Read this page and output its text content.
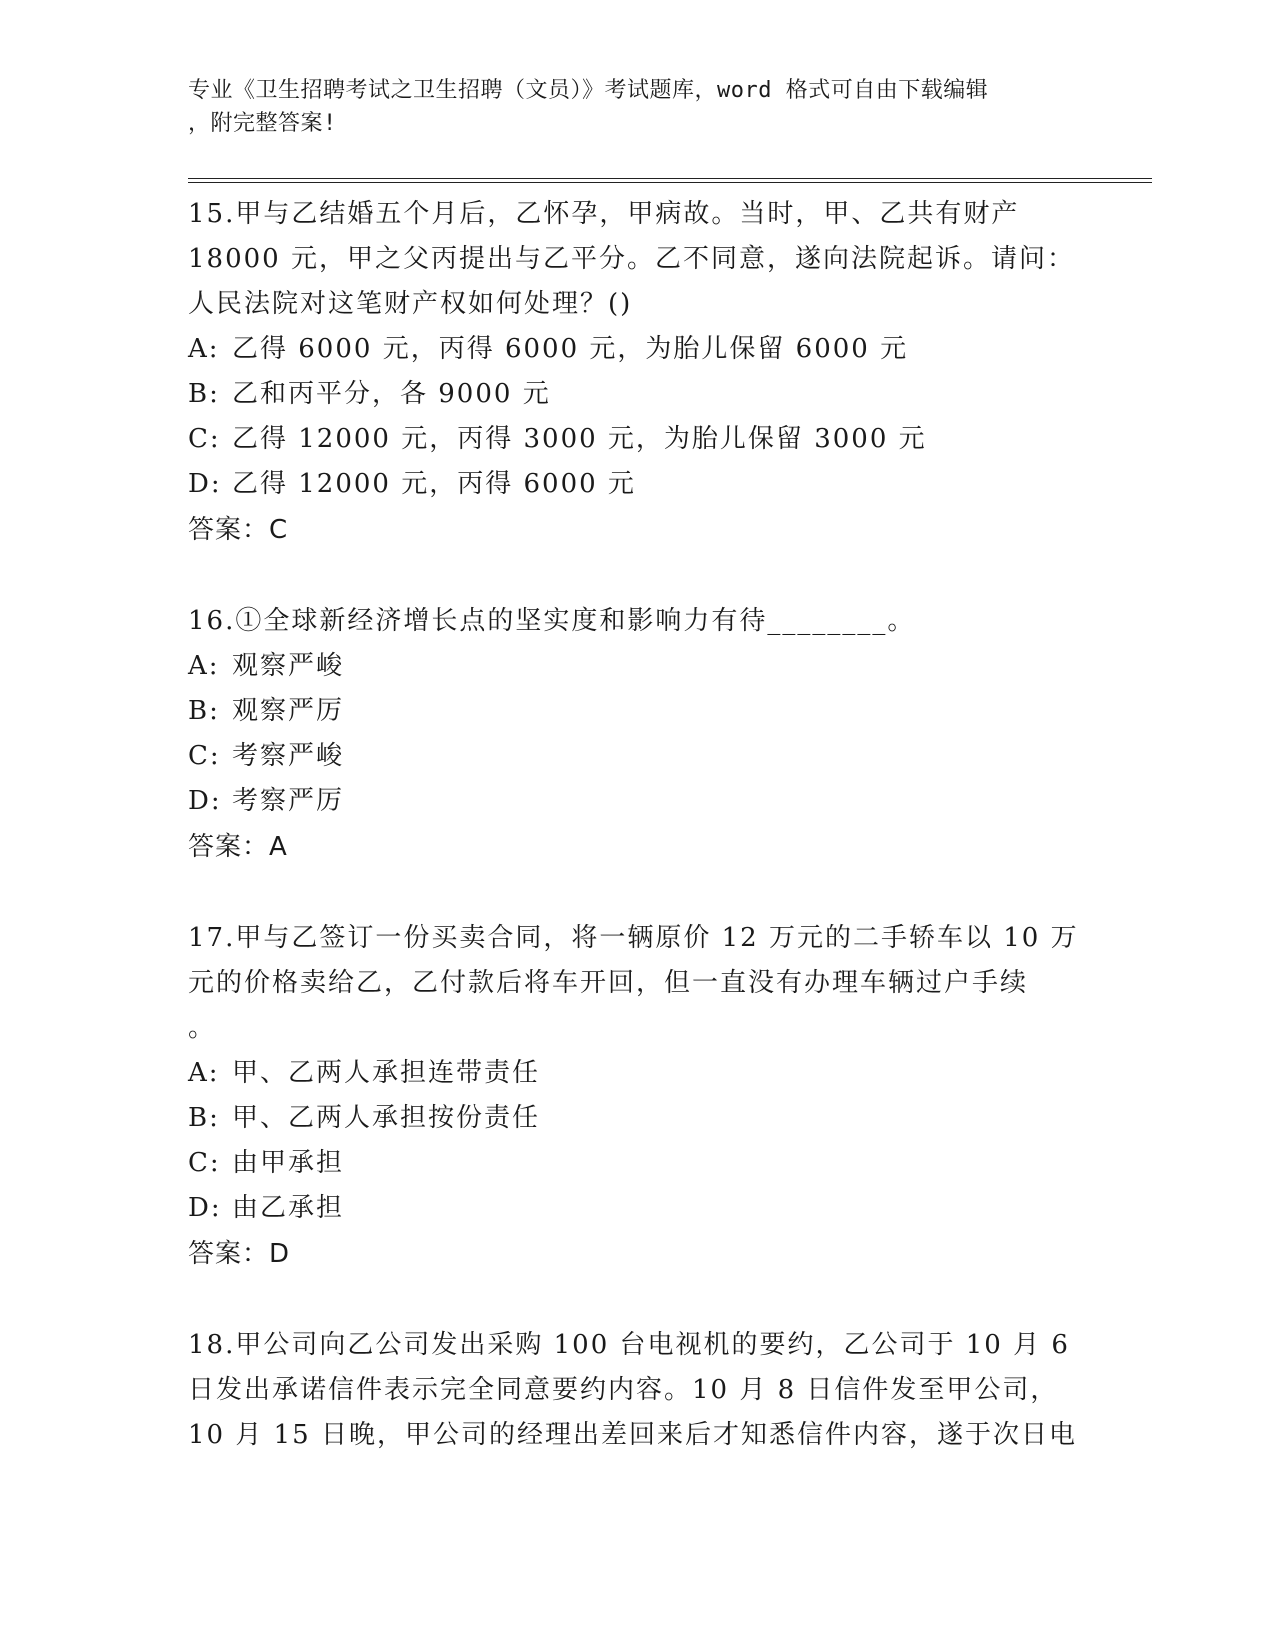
专业《卫生招聘考试之卫生招聘（文员）》考试题库，word 格式可自由下载编辑
，附完整答案!

15.甲与乙结婚五个月后，乙怀孕，甲病故。当时，甲、乙共有财产

18000 元，甲之父丙提出与乙平分。乙不同意，遂向法院起诉。请问：

人民法院对这笔财产权如何处理？()

A: 乙得 6000 元，丙得 6000 元，为胎儿保留 6000 元

B: 乙和丙平分，各 9000 元

C: 乙得 12000 元，丙得 3000 元，为胎儿保留 3000 元

D: 乙得 12000 元，丙得 6000 元

答案：C

16.①全球新经济增长点的坚实度和影响力有待________。

A: 观察严峻

B: 观察严厉

C: 考察严峻

D: 考察严厉

答案：A

17.甲与乙签订一份买卖合同，将一辆原价 12 万元的二手轿车以 10 万

元的价格卖给乙，乙付款后将车开回，但一直没有办理车辆过户手续

。

A: 甲、乙两人承担连带责任

B: 甲、乙两人承担按份责任

C: 由甲承担

D: 由乙承担

答案：D

18.甲公司向乙公司发出采购 100 台电视机的要约，乙公司于 10 月 6

日发出承诺信件表示完全同意要约内容。10 月 8 日信件发至甲公司，

10 月 15 日晚，甲公司的经理出差回来后才知悉信件内容，遂于次日电
